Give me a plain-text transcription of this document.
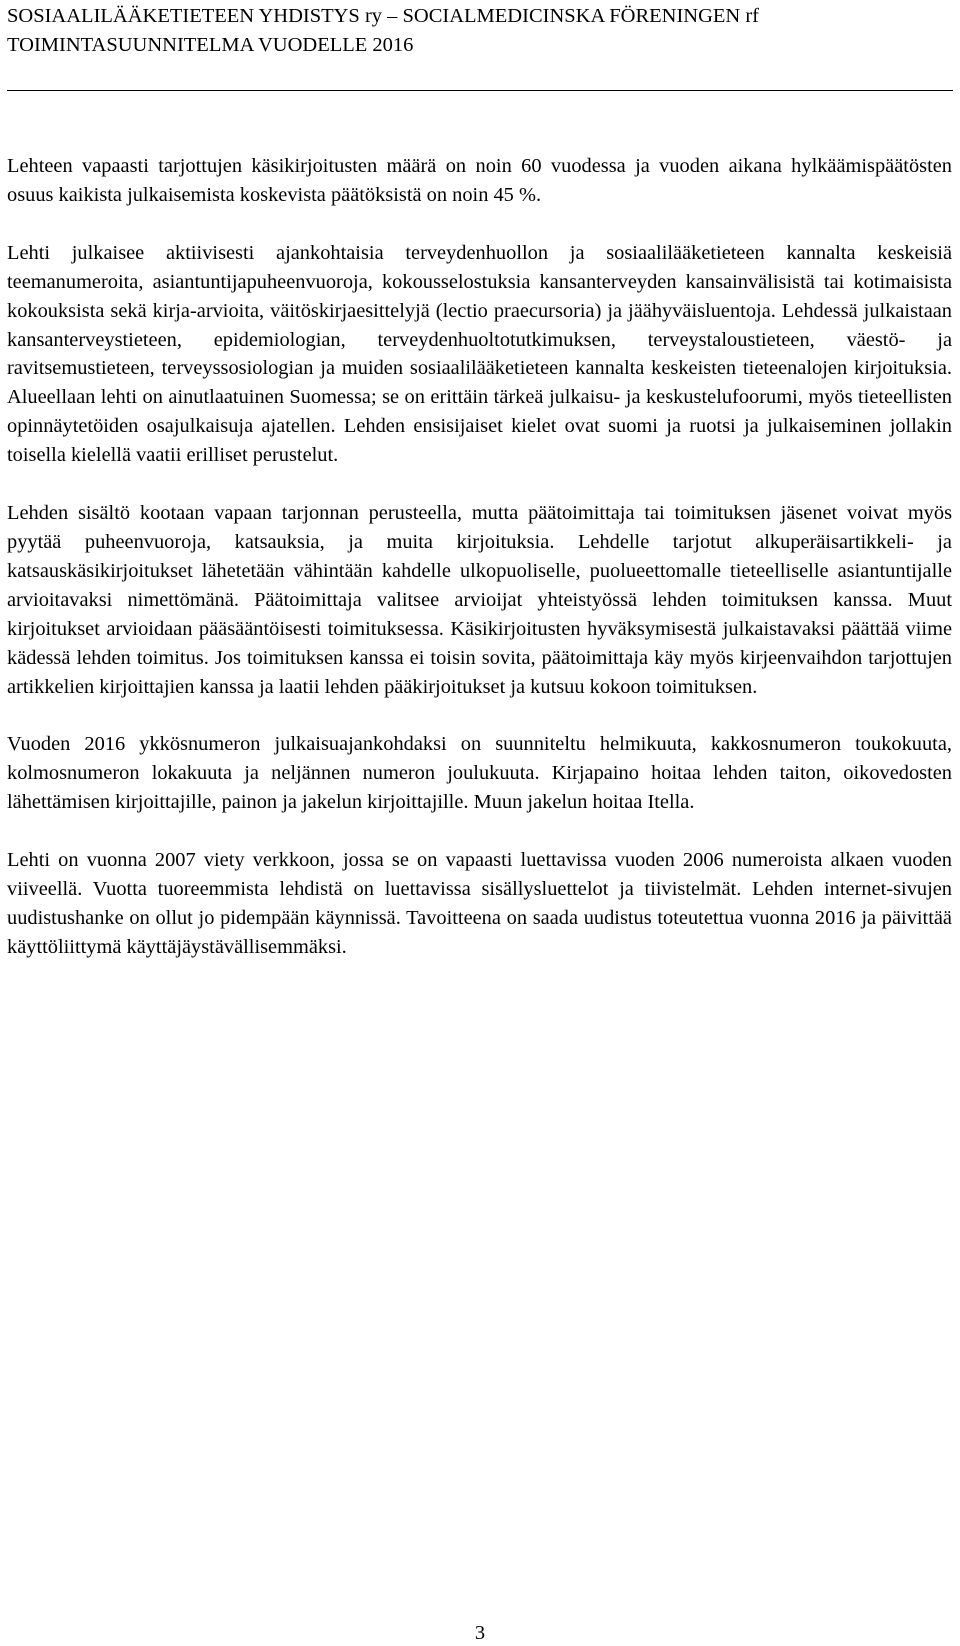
SOSIAALILÄÄKETIETEEN YHDISTYS ry – SOCIALMEDICINSKA FÖRENINGEN rf
TOIMINTASUUNNITELMA VUODELLE 2016

Lehteen vapaasti tarjottujen käsikirjoitusten määrä on noin 60 vuodessa ja vuoden aikana hylkäämispäätösten osuus kaikista julkaisemista koskevista päätöksistä on noin 45 %.

Lehti julkaisee aktiivisesti ajankohtaisia terveydenhuollon ja sosiaalilääketieteen kannalta keskeisiä teemanumeroita, asiantuntijapuheenvuoroja, kokousselostuksia kansanterveyden kansainvälisistä tai kotimaisista kokouksista sekä kirja-arvioita, väitöskirjaesittelyjä (lectio praecursoria) ja jäähyväisluentoja. Lehdessä julkaistaan kansanterveystieteen, epidemiologian, terveydenhuoltotutkimuksen, terveystaloustieteen, väestö- ja ravitsemustieteen, terveyssosiologian ja muiden sosiaalilääketieteen kannalta keskeisten tieteenalojen kirjoituksia. Alueellaan lehti on ainutlaatuinen Suomessa; se on erittäin tärkeä julkaisu- ja keskustelufoorumi, myös tieteellisten opinnäytetöiden osajulkaisuja ajatellen. Lehden ensisijaiset kielet ovat suomi ja ruotsi ja julkaiseminen jollakin toisella kielellä vaatii erilliset perustelut.

Lehden sisältö kootaan vapaan tarjonnan perusteella, mutta päätoimittaja tai toimituksen jäsenet voivat myös pyytää puheenvuoroja, katsauksia, ja muita kirjoituksia. Lehdelle tarjotut alkuperäisartikkeli- ja katsauskäsikirjoitukset lähetetään vähintään kahdelle ulkopuoliselle, puolueettomalle tieteelliselle asiantuntijalle arvioitavaksi nimettömänä. Päätoimittaja valitsee arvioijat yhteistyössä lehden toimituksen kanssa. Muut kirjoitukset arvioidaan pääsääntöisesti toimituksessa. Käsikirjoitusten hyväksymisestä julkaistavaksi päättää viime kädessä lehden toimitus. Jos toimituksen kanssa ei toisin sovita, päätoimittaja käy myös kirjeenvaihdon tarjottujen artikkelien kirjoittajien kanssa ja laatii lehden pääkirjoitukset ja kutsuu kokoon toimituksen.

Vuoden 2016 ykkösnumeron julkaisuajankohdaksi on suunniteltu helmikuuta, kakkosnumeron toukokuuta, kolmosnumeron lokakuuta ja neljännen numeron joulukuuta. Kirjapaino hoitaa lehden taiton, oikovedosten lähettämisen kirjoittajille, painon ja jakelun kirjoittajille. Muun jakelun hoitaa Itella.

Lehti on vuonna 2007 viety verkkoon, jossa se on vapaasti luettavissa vuoden 2006 numeroista alkaen vuoden viiveellä. Vuotta tuoreemmista lehdistä on luettavissa sisällysluettelot ja tiivistelmät. Lehden internet-sivujen uudistushanke on ollut jo pidempään käynnissä. Tavoitteena on saada uudistus toteutettua vuonna 2016 ja päivittää käyttöliittymä käyttäjäystävällisemmäksi.

3
